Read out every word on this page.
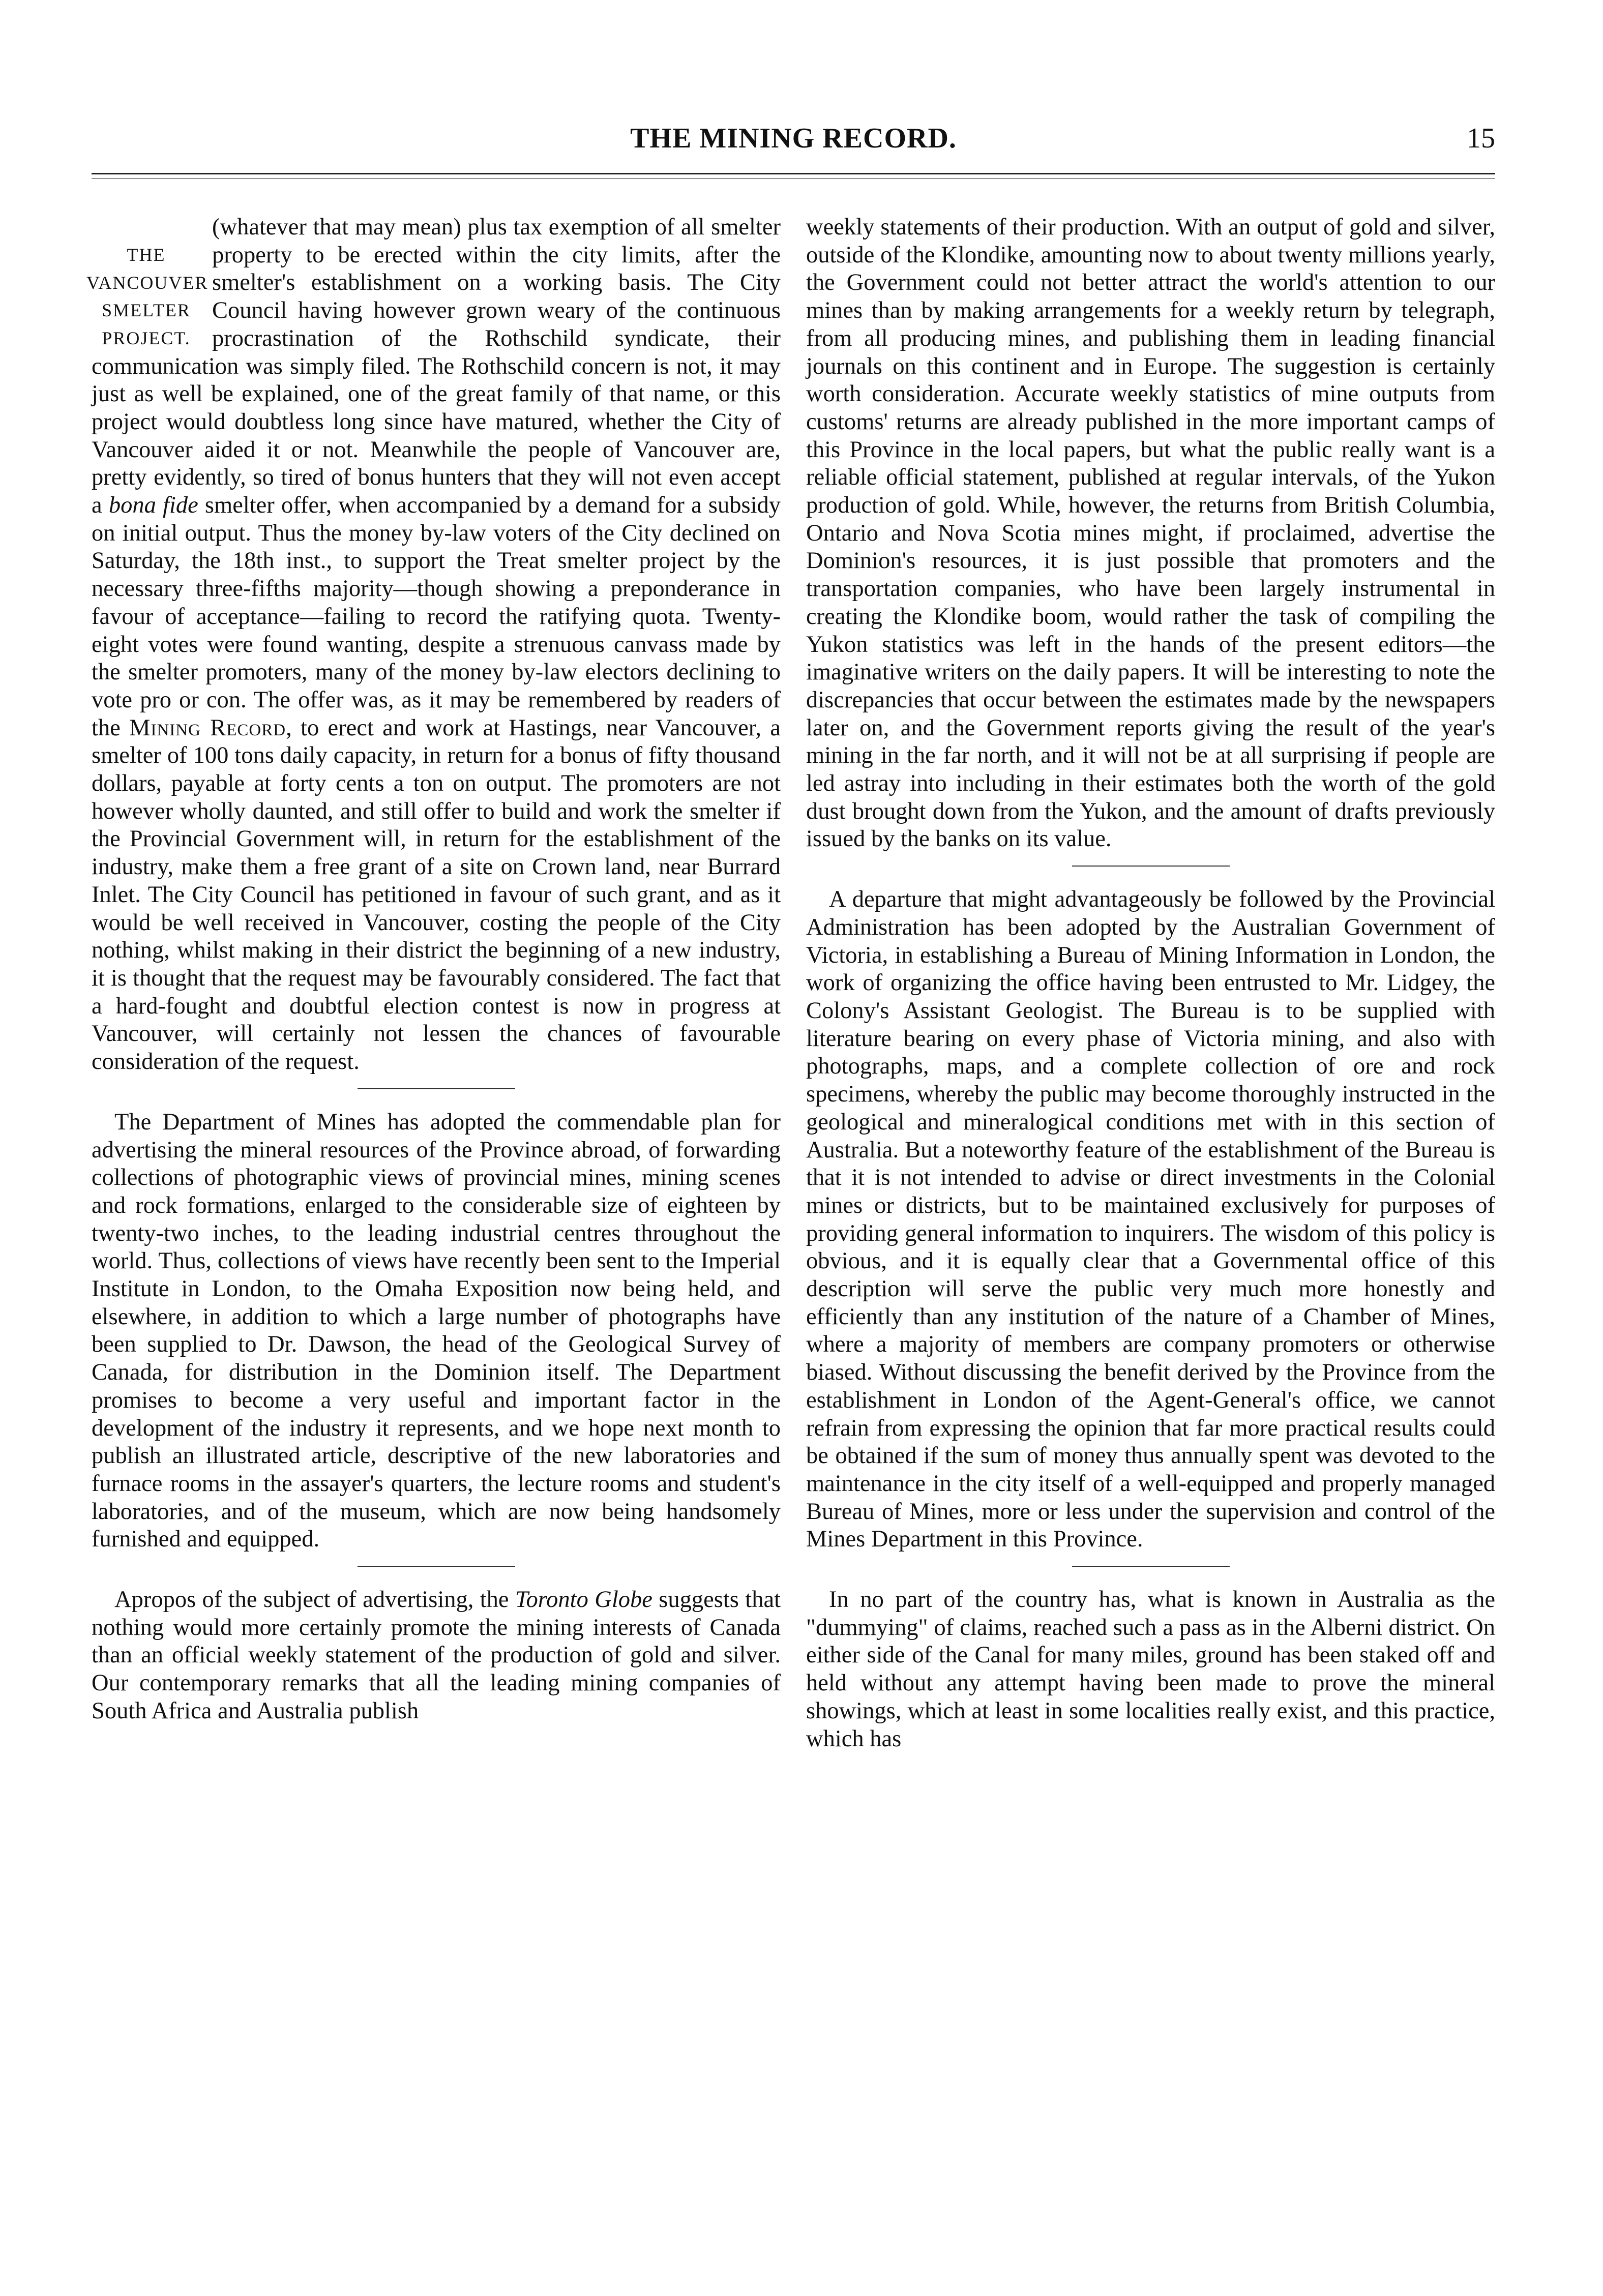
THE MINING RECORD.	15
THE
VANCOUVER
SMELTER
PROJECT.

(whatever that may mean) plus tax exemption of all smelter property to be erected within the city limits, after the smelter's establishment on a working basis. The City Council having however grown weary of the continuous procrastination of the Rothschild syndicate, their communication was simply filed. The Rothschild concern is not, it may just as well be explained, one of the great family of that name, or this project would doubtless long since have matured, whether the City of Vancouver aided it or not. Meanwhile the people of Vancouver are, pretty evidently, so tired of bonus hunters that they will not even accept a bona fide smelter offer, when accompanied by a demand for a subsidy on initial output. Thus the money by-law voters of the City declined on Saturday, the 18th inst., to support the Treat smelter project by the necessary three-fifths majority—though showing a preponderance in favour of acceptance—failing to record the ratifying quota. Twenty-eight votes were found wanting, despite a strenuous canvass made by the smelter promoters, many of the money by-law electors declining to vote pro or con. The offer was, as it may be remembered by readers of the Mining Record, to erect and work at Hastings, near Vancouver, a smelter of 100 tons daily capacity, in return for a bonus of fifty thousand dollars, payable at forty cents a ton on output. The promoters are not however wholly daunted, and still offer to build and work the smelter if the Provincial Government will, in return for the establishment of the industry, make them a free grant of a site on Crown land, near Burrard Inlet. The City Council has petitioned in favour of such grant, and as it would be well received in Vancouver, costing the people of the City nothing, whilst making in their district the beginning of a new industry, it is thought that the request may be favourably considered. The fact that a hard-fought and doubtful election contest is now in progress at Vancouver, will certainly not lessen the chances of favourable consideration of the request.

The Department of Mines has adopted the commendable plan for advertising the mineral resources of the Province abroad, of forwarding collections of photographic views of provincial mines, mining scenes and rock formations, enlarged to the considerable size of eighteen by twenty-two inches, to the leading industrial centres throughout the world. Thus, collections of views have recently been sent to the Imperial Institute in London, to the Omaha Exposition now being held, and elsewhere, in addition to which a large number of photographs have been supplied to Dr. Dawson, the head of the Geological Survey of Canada, for distribution in the Dominion itself. The Department promises to become a very useful and important factor in the development of the industry it represents, and we hope next month to publish an illustrated article, descriptive of the new laboratories and furnace rooms in the assayer's quarters, the lecture rooms and student's laboratories, and of the museum, which are now being handsomely furnished and equipped.

Apropos of the subject of advertising, the Toronto Globe suggests that nothing would more certainly promote the mining interests of Canada than an official weekly statement of the production of gold and silver. Our contemporary remarks that all the leading mining companies of South Africa and Australia publish

weekly statements of their production. With an output of gold and silver, outside of the Klondike, amounting now to about twenty millions yearly, the Government could not better attract the world's attention to our mines than by making arrangements for a weekly return by telegraph, from all producing mines, and publishing them in leading financial journals on this continent and in Europe. The suggestion is certainly worth consideration. Accurate weekly statistics of mine outputs from customs' returns are already published in the more important camps of this Province in the local papers, but what the public really want is a reliable official statement, published at regular intervals, of the Yukon production of gold. While, however, the returns from British Columbia, Ontario and Nova Scotia mines might, if proclaimed, advertise the Dominion's resources, it is just possible that promoters and the transportation companies, who have been largely instrumental in creating the Klondike boom, would rather the task of compiling the Yukon statistics was left in the hands of the present editors—the imaginative writers on the daily papers. It will be interesting to note the discrepancies that occur between the estimates made by the newspapers later on, and the Government reports giving the result of the year's mining in the far north, and it will not be at all surprising if people are led astray into including in their estimates both the worth of the gold dust brought down from the Yukon, and the amount of drafts previously issued by the banks on its value.

A departure that might advantageously be followed by the Provincial Administration has been adopted by the Australian Government of Victoria, in establishing a Bureau of Mining Information in London, the work of organizing the office having been entrusted to Mr. Lidgey, the Colony's Assistant Geologist. The Bureau is to be supplied with literature bearing on every phase of Victoria mining, and also with photographs, maps, and a complete collection of ore and rock specimens, whereby the public may become thoroughly instructed in the geological and mineralogical conditions met with in this section of Australia. But a noteworthy feature of the establishment of the Bureau is that it is not intended to advise or direct investments in the Colonial mines or districts, but to be maintained exclusively for purposes of providing general information to inquirers. The wisdom of this policy is obvious, and it is equally clear that a Governmental office of this description will serve the public very much more honestly and efficiently than any institution of the nature of a Chamber of Mines, where a majority of members are company promoters or otherwise biased. Without discussing the benefit derived by the Province from the establishment in London of the Agent-General's office, we cannot refrain from expressing the opinion that far more practical results could be obtained if the sum of money thus annually spent was devoted to the maintenance in the city itself of a well-equipped and properly managed Bureau of Mines, more or less under the supervision and control of the Mines Department in this Province.

In no part of the country has, what is known in Australia as the "dummying" of claims, reached such a pass as in the Alberni district. On either side of the Canal for many miles, ground has been staked off and held without any attempt having been made to prove the mineral showings, which at least in some localities really exist, and this practice, which has
